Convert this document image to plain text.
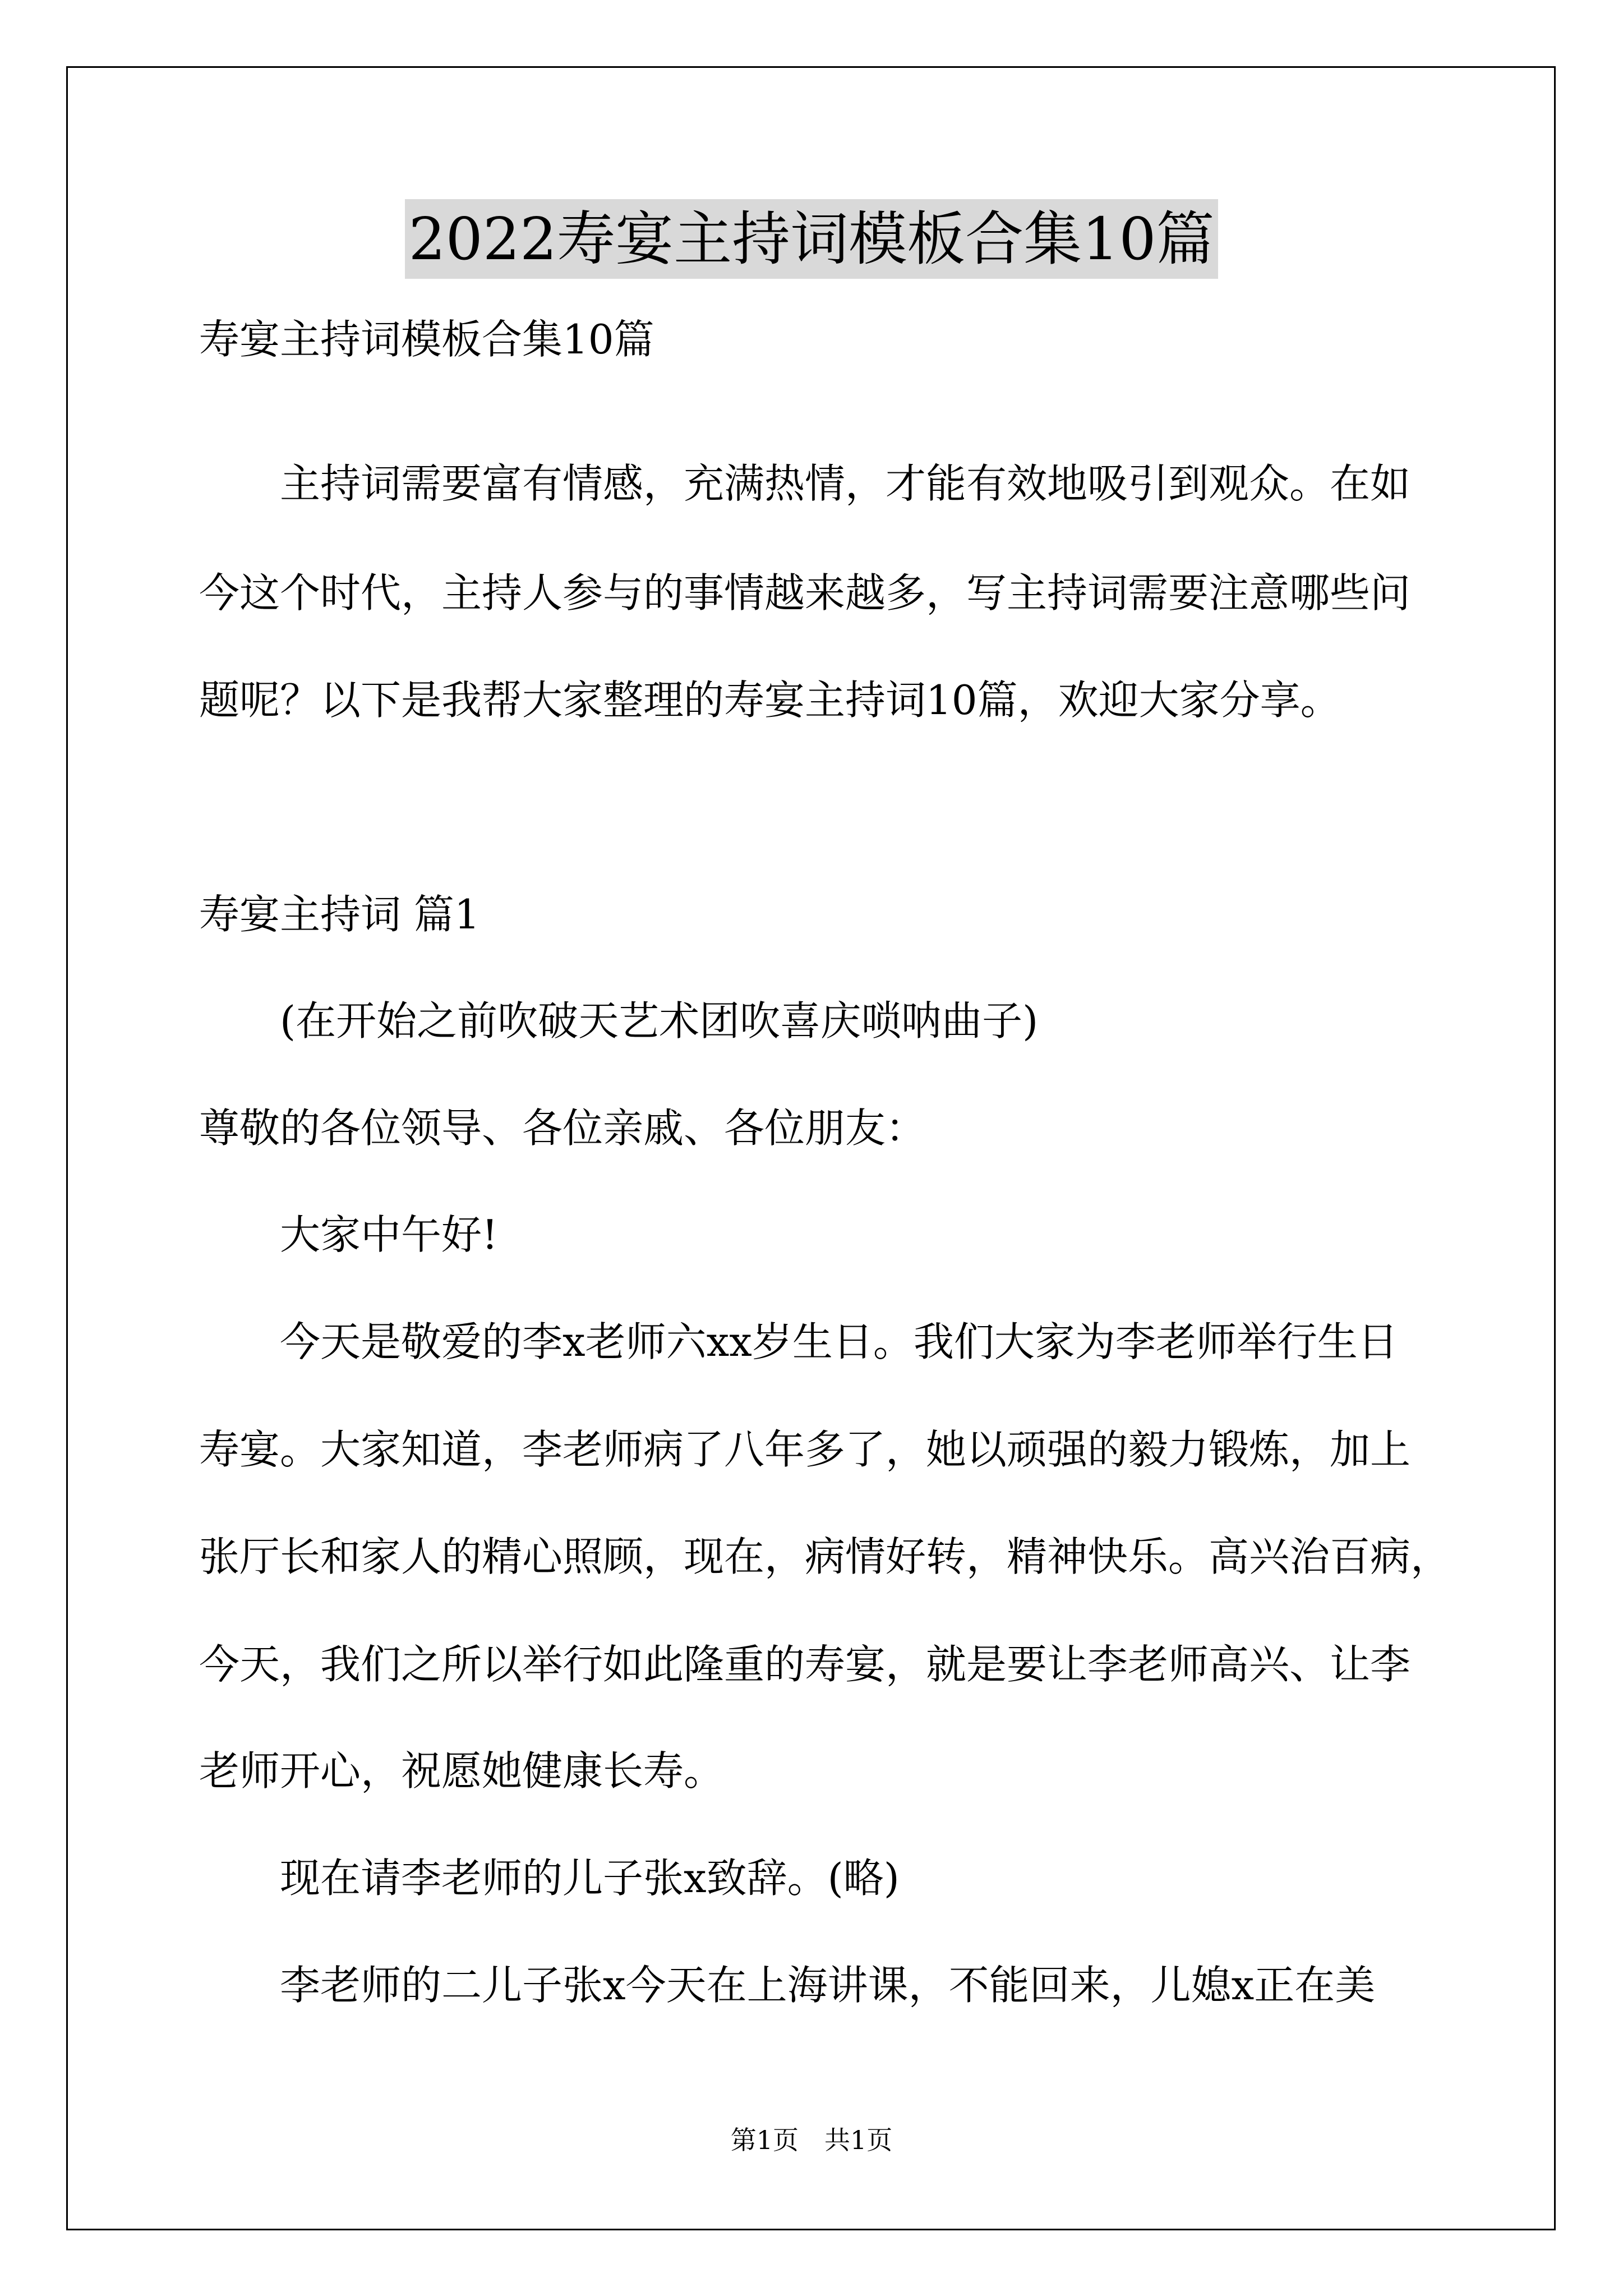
2022寿宴主持词模板合集10篇
寿宴主持词模板合集10篇
　　主持词需要富有情感，充满热情，才能有效地吸引到观众。在如
今这个时代，主持人参与的事情越来越多，写主持词需要注意哪些问
题呢？以下是我帮大家整理的寿宴主持词10篇，欢迎大家分享。
寿宴主持词 篇1
　　(在开始之前吹破天艺术团吹喜庆唢呐曲子)
尊敬的各位领导、各位亲戚、各位朋友：
　　大家中午好!
　　今天是敬爱的李x老师六xx岁生日。我们大家为李老师举行生日
寿宴。大家知道，李老师病了八年多了，她以顽强的毅力锻炼，加上
张厅长和家人的精心照顾，现在，病情好转，精神快乐。高兴治百病，
今天，我们之所以举行如此隆重的寿宴，就是要让李老师高兴、让李
老师开心，祝愿她健康长寿。
　　现在请李老师的儿子张x致辞。(略)
　　李老师的二儿子张x今天在上海讲课，不能回来，儿媳x正在美
第1页　共1页
